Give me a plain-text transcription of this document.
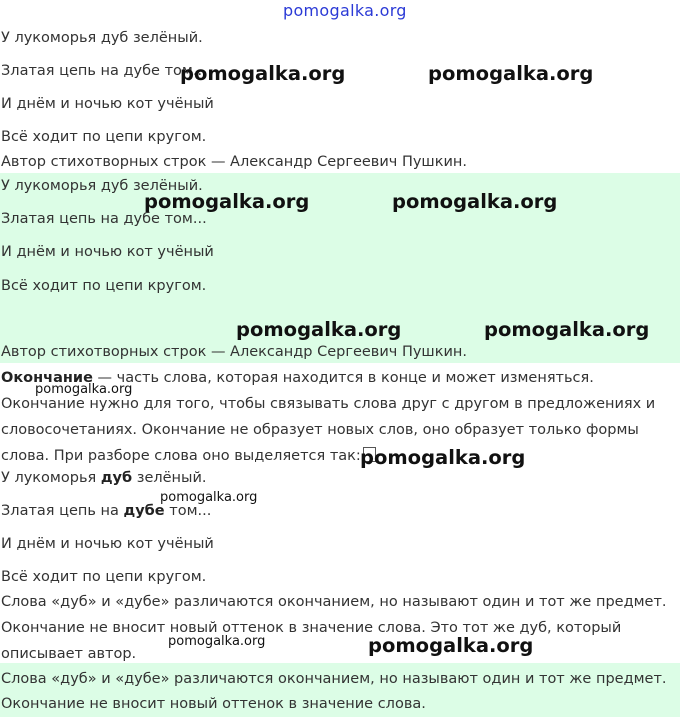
pomogalka.org
У лукоморья дуб зелёный.
Златая цепь на дубе том...
И днём и ночью кот учёный
Всё ходит по цепи кругом.
Автор стихотворных строк — Александр Сергеевич Пушкин.
У лукоморья дуб зелёный.
Златая цепь на дубе том...
И днём и ночью кот учёный
Всё ходит по цепи кругом.
Автор стихотворных строк — Александр Сергеевич Пушкин.
Окончание — часть слова, которая находится в конце и может изменяться. Окончание нужно для того, чтобы связывать слова друг с другом в предложениях и словосочетаниях. Окончание не образует новых слов, оно образует только формы слова. При разборе слова оно выделяется так:
У лукоморья дуб зелёный.
Златая цепь на дубе том...
И днём и ночью кот учёный
Всё ходит по цепи кругом.
Слова «дуб» и «дубе» различаются окончанием, но называют один и тот же предмет.
Окончание не вносит новый оттенок в значение слова. Это тот же дуб, который
описывает автор.
Слова «дуб» и «дубе» различаются окончанием, но называют один и тот же предмет.
Окончание не вносит новый оттенок в значение слова.
pomogalka.org	pomogalka.org
pomogalka.org	pomogalka.org
pomogalka.org	pomogalka.org
pomogalka.org
pomogalka.org
pomogalka.org
pomogalka.org	pomogalka.org
